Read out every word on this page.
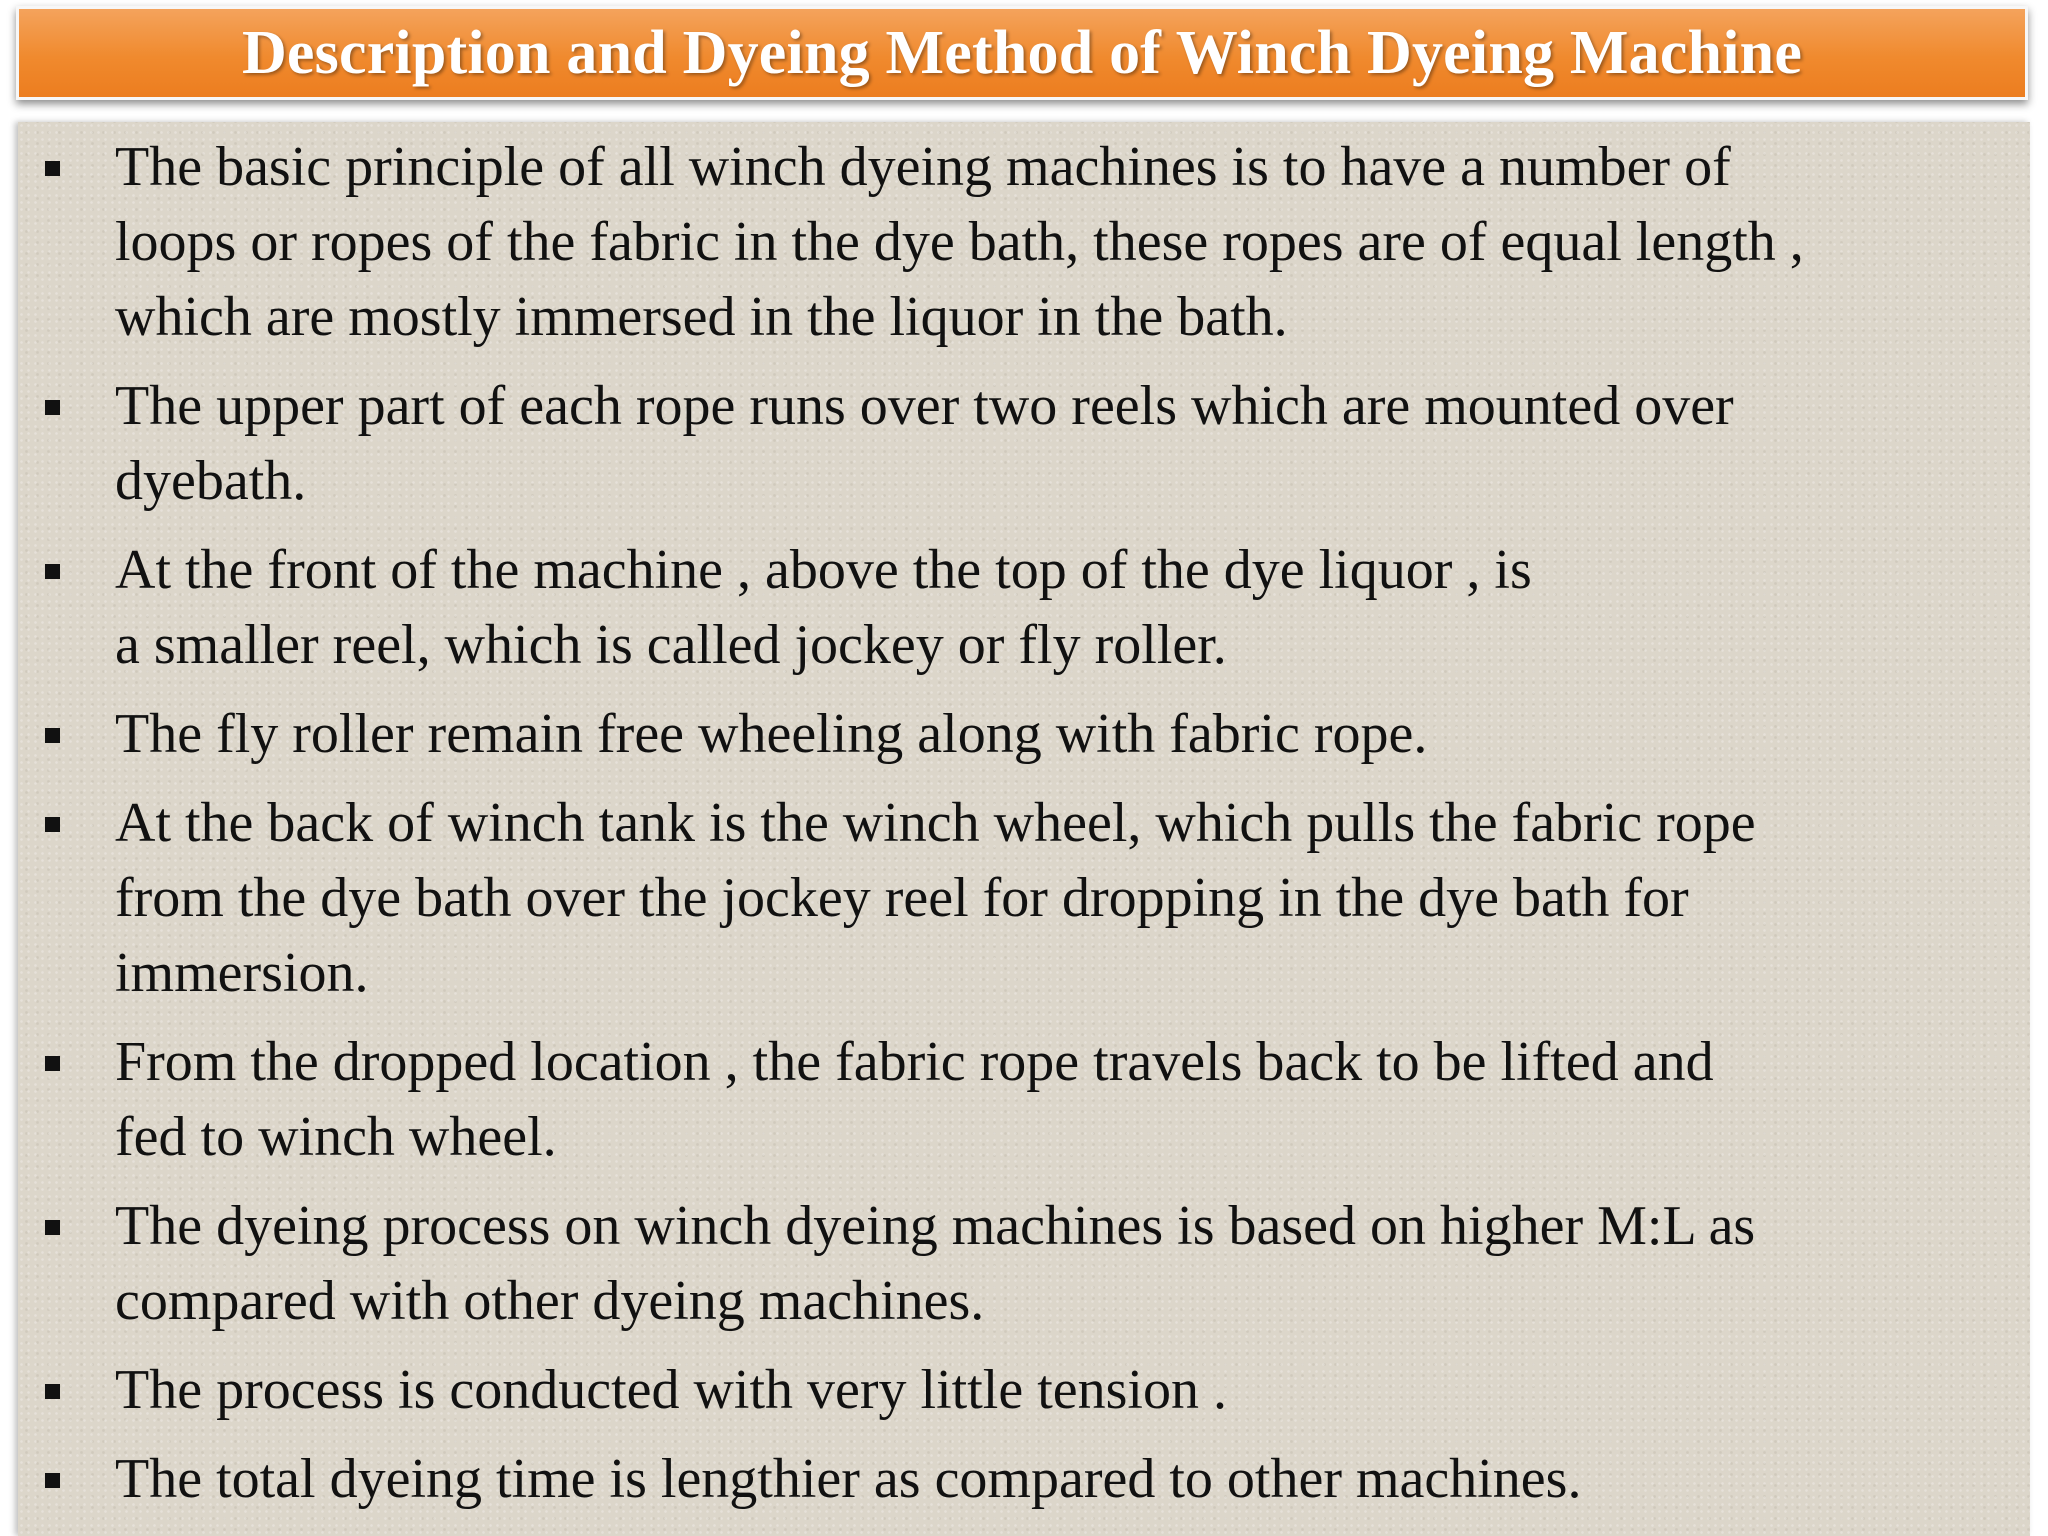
Description and Dyeing Method of Winch Dyeing Machine
The basic principle of all winch dyeing machines is to have a number of
loops or ropes of the fabric in the dye bath, these ropes are of equal length ,
which are mostly immersed in the liquor in the bath.
The upper part of each rope runs over two reels which are mounted over
dyebath.
At the front of the machine , above the top of the dye liquor , is
a smaller reel, which is called jockey or fly roller.
The fly roller remain free wheeling along with fabric rope.
At the back of winch tank is the winch wheel, which pulls the fabric rope
from the dye bath over the jockey reel for dropping in the dye bath for
immersion.
From the dropped location , the fabric rope travels back to be lifted and
fed to winch wheel.
The dyeing process on winch dyeing machines is based on higher M:L as
compared with other dyeing machines.
The process is conducted with very little tension .
The total dyeing time is lengthier as compared to other machines.
